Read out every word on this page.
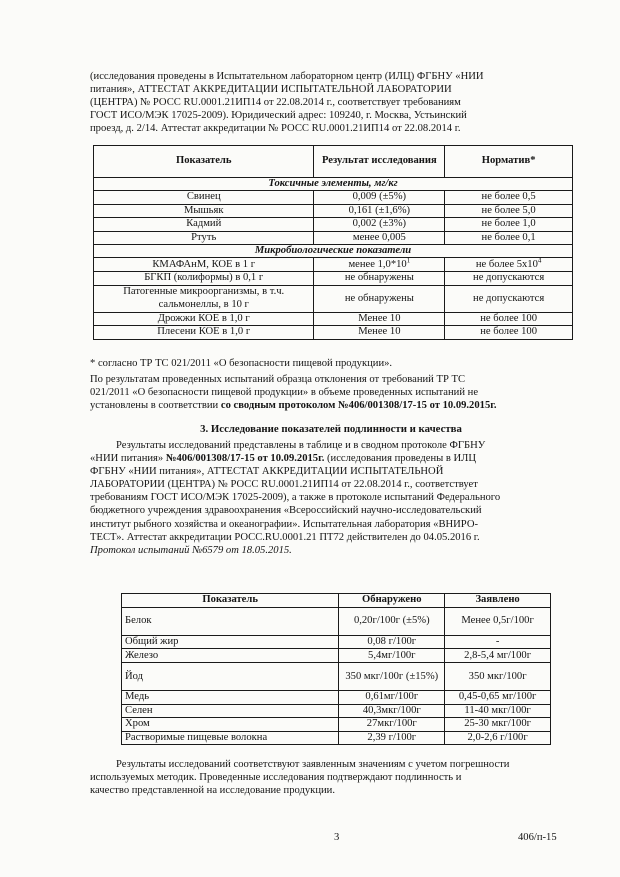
(исследования проведены в Испытательном лабораторном центр (ИЛЦ) ФГБНУ «НИИ
питания», АТТЕСТАТ АККРЕДИТАЦИИ ИСПЫТАТЕЛЬНОЙ ЛАБОРАТОРИИ
(ЦЕНТРА) № РОСС RU.0001.21ИП14 от 22.08.2014 г., соответствует требованиям
ГОСТ ИСО/МЭК 17025-2009). Юридический адрес: 109240, г. Москва, Устьинский
проезд, д. 2/14. Аттестат аккредитации № РОСС RU.0001.21ИП14 от 22.08.2014 г.
Показатель	Результат исследования	Норматив*
Токсичные элементы, мг/кг		
Свинец	0,009 (±5%)	не более 0,5
Мышьяк	0,161 (±1,6%)	не более 5,0
Кадмий	0,002 (±3%)	не более 1,0
Ртуть	менее 0,005	не более 0,1
Микробиологические показатели		
КМАФАнМ, КОЕ в 1 г	менее $1,0*10^1$	не более $5х10^4$
БГКП (колиформы) в 0,1 г	не обнаружены	не допускаются
Патогенные микроорганизмы, в т.ч. сальмонеллы, в 10 г	не обнаружены	не допускаются
Дрожжи КОЕ в 1,0 г	Менее 10	не более 100
Плесени КОЕ в 1,0 г	Менее 10	не более 100
* согласно ТР ТС 021/2011 «О безопасности пищевой продукции».
По результатам проведенных испытаний образца отклонения от требований ТР ТС
021/2011 «О безопасности пищевой продукции» в объеме проведенных испытаний не
установлены в соответствии со сводным протоколом №406/001308/17-15 от 10.09.2015г.
3. Исследование показателей подлинности и качества
Результаты исследований представлены в таблице и в сводном протоколе ФГБНУ
«НИИ питания» №406/001308/17-15 от 10.09.2015г. (исследования проведены в ИЛЦ
ФГБНУ «НИИ питания», АТТЕСТАТ АККРЕДИТАЦИИ ИСПЫТАТЕЛЬНОЙ
ЛАБОРАТОРИИ (ЦЕНТРА) № РОСС RU.0001.21ИП14 от 22.08.2014 г., соответствует
требованиям ГОСТ ИСО/МЭК 17025-2009), а также в протоколе испытаний Федерального
бюджетного учреждения здравоохранения «Всероссийский научно-исследовательский
институт рыбного хозяйства и океанографии». Испытательная лаборатория «ВНИРО-
ТЕСТ». Аттестат аккредитации РОСС.RU.0001.21 ПТ72 действителен до 04.05.2016 г.
Протокол испытаний №6579 от 18.05.2015.
Показатель	Обнаружено	Заявлено
Белок	0,20г/100г (±5%)	Менее 0,5г/100г
Общий жир	0,08 г/100г	-
Железо	5,4мг/100г	2,8-5,4 мг/100г
Йод	350 мкг/100г (±15%)	350 мкг/100г
Медь	0,61мг/100г	0,45-0,65 мг/100г
Селен	40,3мкг/100г	11-40 мкг/100г
Хром	27мкг/100г	25-30 мкг/100г
Растворимые пищевые волокна	2,39 г/100г	2,0-2,6 г/100г
Результаты исследований соответствуют заявленным значениям с учетом погрешности
используемых методик. Проведенные исследования подтверждают подлинность и
качество представленной на исследование продукции.
3	406/п-15
